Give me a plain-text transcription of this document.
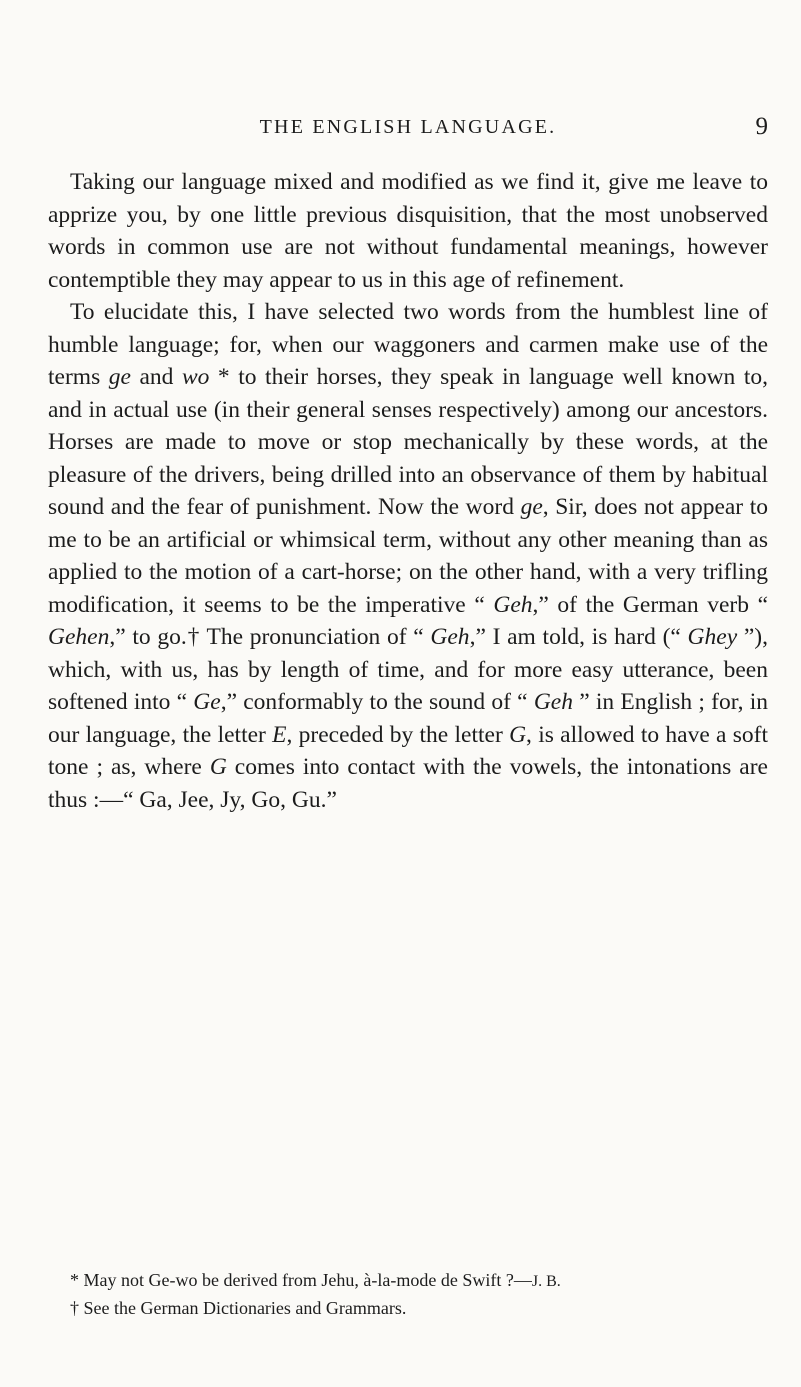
THE ENGLISH LANGUAGE.	9

Taking our language mixed and modified as we find it, give me leave to apprize you, by one little previous disquisition, that the most unobserved words in common use are not without fundamental meanings, however contemptible they may appear to us in this age of refinement.

To elucidate this, I have selected two words from the humblest line of humble language; for, when our waggoners and carmen make use of the terms ge and wo * to their horses, they speak in language well known to, and in actual use (in their general senses respectively) among our ancestors. Horses are made to move or stop mechanically by these words, at the pleasure of the drivers, being drilled into an observance of them by habitual sound and the fear of punishment. Now the word ge, Sir, does not appear to me to be an artificial or whimsical term, without any other meaning than as applied to the motion of a cart-horse; on the other hand, with a very trifling modification, it seems to be the imperative “ Geh,” of the German verb “ Gehen,” to go.† The pronunciation of “ Geh,” I am told, is hard (“ Ghey ”), which, with us, has by length of time, and for more easy utterance, been softened into “ Ge,” conformably to the sound of “ Geh ” in English ; for, in our language, the letter E, preceded by the letter G, is allowed to have a soft tone ; as, where G comes into contact with the vowels, the intonations are thus :—“ Ga, Jee, Jy, Go, Gu.”

* May not Ge-wo be derived from Jehu, à-la-mode de Swift ?—J. B.

† See the German Dictionaries and Grammars.
